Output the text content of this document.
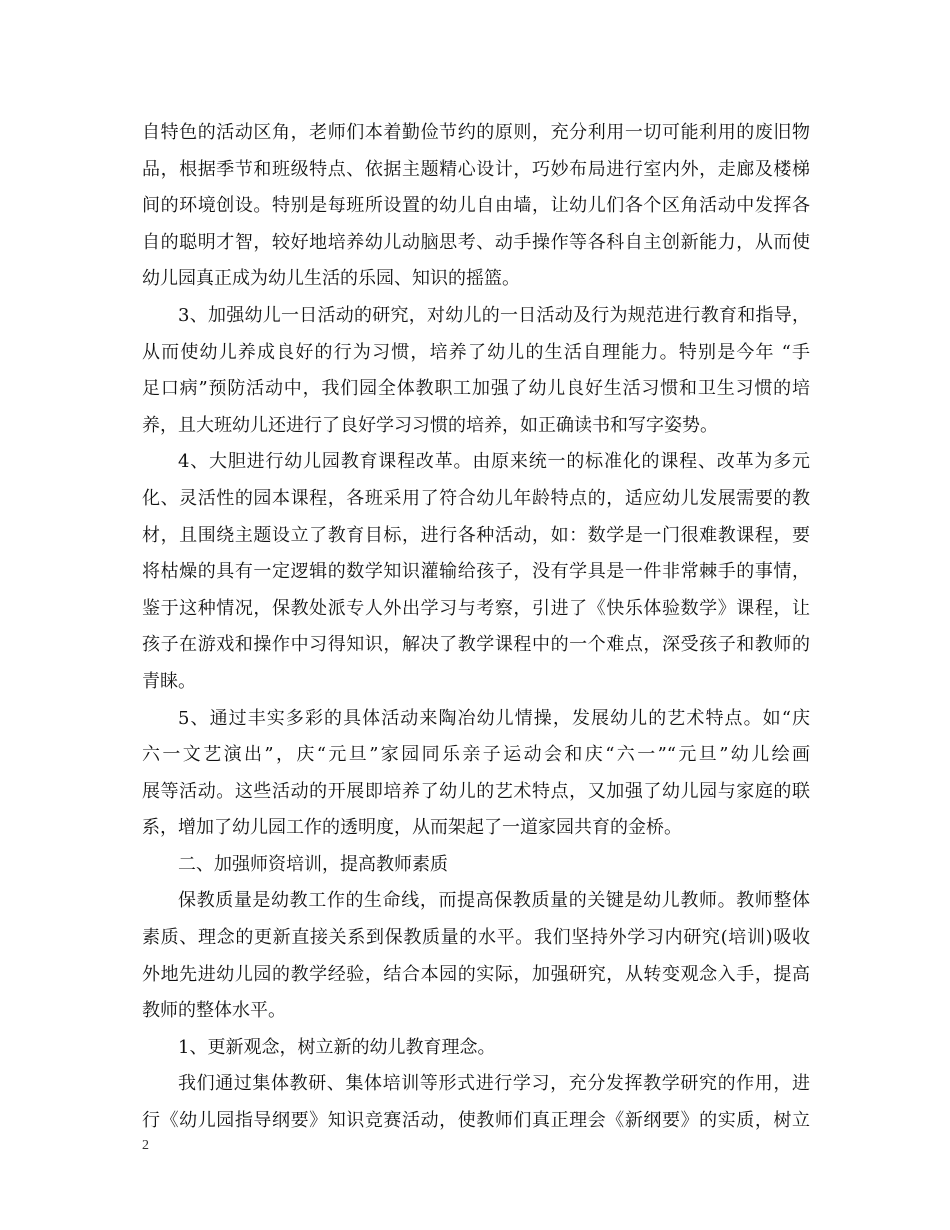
自特色的活动区角，老师们本着勤俭节约的原则，充分利用一切可能利用的废旧物
品，根据季节和班级特点、依据主题精心设计，巧妙布局进行室内外，走廊及楼梯
间的环境创设。特别是每班所设置的幼儿自由墙，让幼儿们各个区角活动中发挥各
自的聪明才智，较好地培养幼儿动脑思考、动手操作等各科自主创新能力，从而使
幼儿园真正成为幼儿生活的乐园、知识的摇篮。
3、加强幼儿一日活动的研究，对幼儿的一日活动及行为规范进行教育和指导，
从而使幼儿养成良好的行为习惯，培养了幼儿的生活自理能力。特别是今年 “手
足口病”预防活动中，我们园全体教职工加强了幼儿良好生活习惯和卫生习惯的培
养，且大班幼儿还进行了良好学习习惯的培养，如正确读书和写字姿势。
4、大胆进行幼儿园教育课程改革。由原来统一的标准化的课程、改革为多元
化、灵活性的园本课程，各班采用了符合幼儿年龄特点的，适应幼儿发展需要的教
材，且围绕主题设立了教育目标，进行各种活动，如：数学是一门很难教课程，要
将枯燥的具有一定逻辑的数学知识灌输给孩子，没有学具是一件非常棘手的事情，
鉴于这种情况，保教处派专人外出学习与考察，引进了《快乐体验数学》课程，让
孩子在游戏和操作中习得知识，解决了教学课程中的一个难点，深受孩子和教师的
青睐。
5、通过丰实多彩的具体活动来陶冶幼儿情操，发展幼儿的艺术特点。如“庆
六一文艺演出”，庆“元旦”家园同乐亲子运动会和庆“六一”“元旦”幼儿绘画
展等活动。这些活动的开展即培养了幼儿的艺术特点，又加强了幼儿园与家庭的联
系，增加了幼儿园工作的透明度，从而架起了一道家园共育的金桥。
二、加强师资培训，提高教师素质
保教质量是幼教工作的生命线，而提高保教质量的关键是幼儿教师。教师整体
素质、理念的更新直接关系到保教质量的水平。我们坚持外学习内研究(培训)吸收
外地先进幼儿园的教学经验，结合本园的实际，加强研究，从转变观念入手，提高
教师的整体水平。
1、更新观念，树立新的幼儿教育理念。
我们通过集体教研、集体培训等形式进行学习，充分发挥教学研究的作用，进
行《幼儿园指导纲要》知识竞赛活动，使教师们真正理会《新纲要》的实质，树立
2
